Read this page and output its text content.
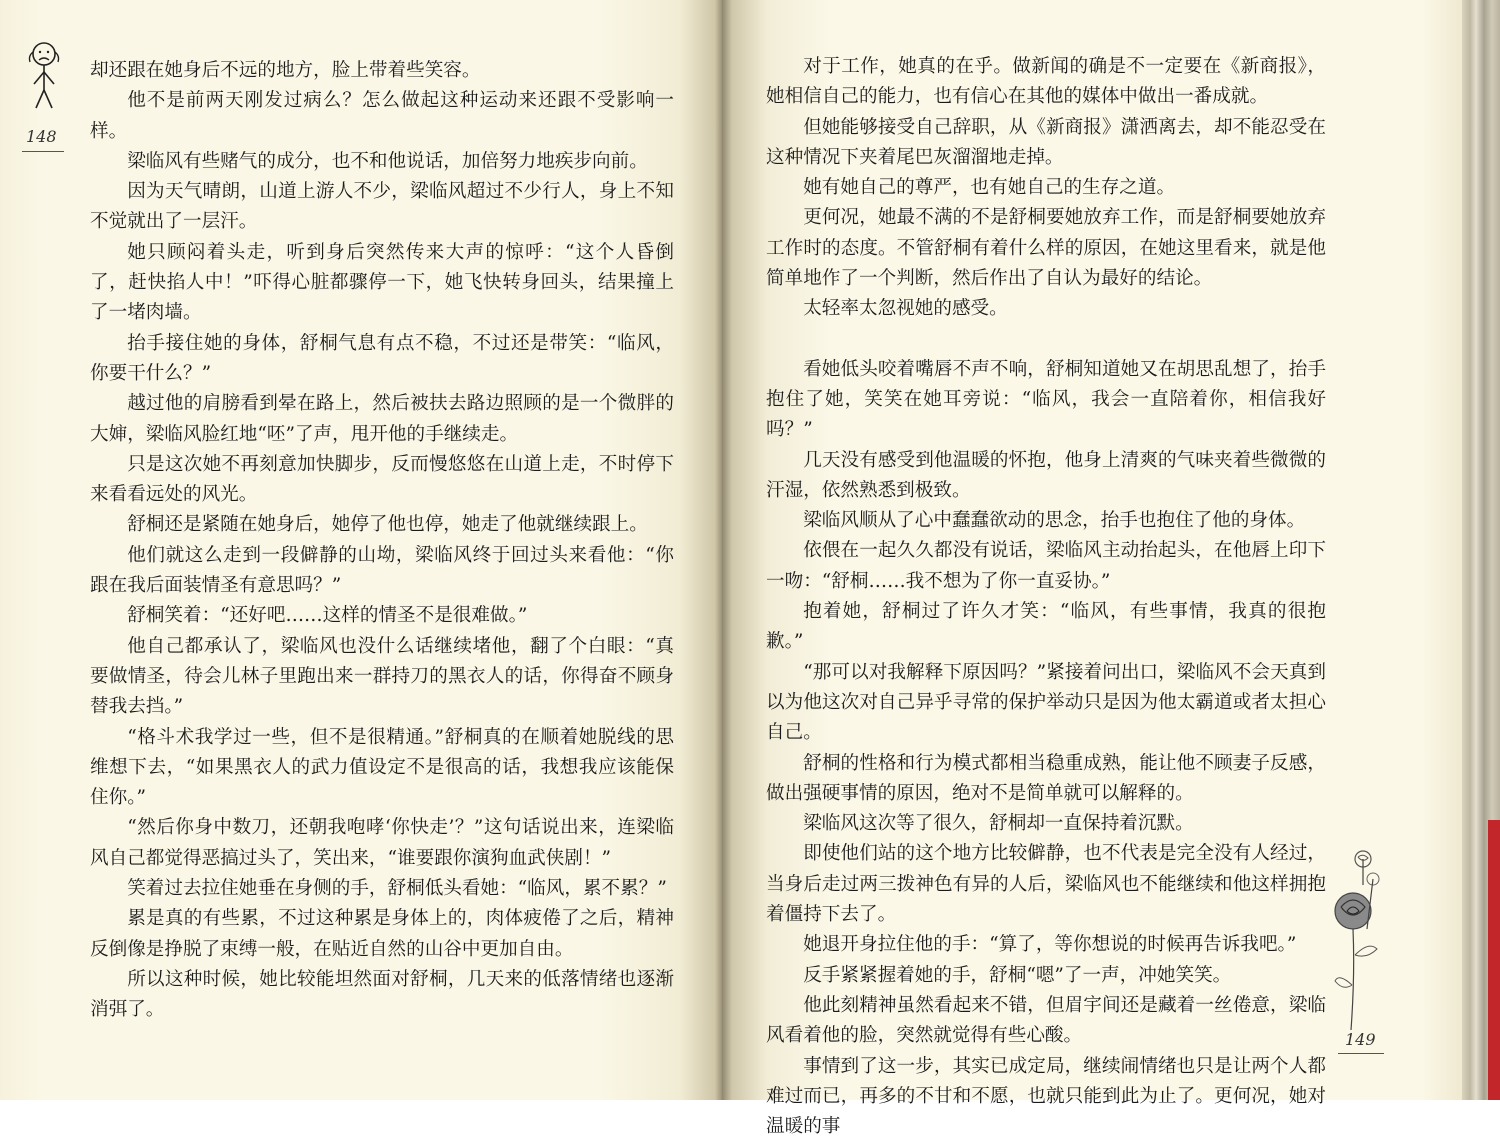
148

却还跟在她身后不远的地方，脸上带着些笑容。

他不是前两天刚发过病么？怎么做起这种运动来还跟不受影响一样。

梁临风有些赌气的成分，也不和他说话，加倍努力地疾步向前。

因为天气晴朗，山道上游人不少，梁临风超过不少行人，身上不知不觉就出了一层汗。

她只顾闷着头走，听到身后突然传来大声的惊呼：“这个人昏倒了，赶快掐人中！”吓得心脏都骤停一下，她飞快转身回头，结果撞上了一堵肉墙。

抬手接住她的身体，舒桐气息有点不稳，不过还是带笑：“临风，你要干什么？”

越过他的肩膀看到晕在路上，然后被扶去路边照顾的是一个微胖的大婶，梁临风脸红地“呸”了声，甩开他的手继续走。

只是这次她不再刻意加快脚步，反而慢悠悠在山道上走，不时停下来看看远处的风光。

舒桐还是紧随在她身后，她停了他也停，她走了他就继续跟上。

他们就这么走到一段僻静的山坳，梁临风终于回过头来看他：“你跟在我后面装情圣有意思吗？”

舒桐笑着：“还好吧……这样的情圣不是很难做。”

他自己都承认了，梁临风也没什么话继续堵他，翻了个白眼：“真要做情圣，待会儿林子里跑出来一群持刀的黑衣人的话，你得奋不顾身替我去挡。”

“格斗术我学过一些，但不是很精通。”舒桐真的在顺着她脱线的思维想下去，“如果黑衣人的武力值设定不是很高的话，我想我应该能保住你。”

“然后你身中数刀，还朝我咆哮‘你快走’？”这句话说出来，连梁临风自己都觉得恶搞过头了，笑出来，“谁要跟你演狗血武侠剧！”

笑着过去拉住她垂在身侧的手，舒桐低头看她：“临风，累不累？”

累是真的有些累，不过这种累是身体上的，肉体疲倦了之后，精神反倒像是挣脱了束缚一般，在贴近自然的山谷中更加自由。

所以这种时候，她比较能坦然面对舒桐，几天来的低落情绪也逐渐消弭了。

对于工作，她真的在乎。做新闻的确是不一定要在《新商报》，她相信自己的能力，也有信心在其他的媒体中做出一番成就。

但她能够接受自己辞职，从《新商报》潇洒离去，却不能忍受在这种情况下夹着尾巴灰溜溜地走掉。

她有她自己的尊严，也有她自己的生存之道。

更何况，她最不满的不是舒桐要她放弃工作，而是舒桐要她放弃工作时的态度。不管舒桐有着什么样的原因，在她这里看来，就是他简单地作了一个判断，然后作出了自认为最好的结论。

太轻率太忽视她的感受。

看她低头咬着嘴唇不声不响，舒桐知道她又在胡思乱想了，抬手抱住了她，笑笑在她耳旁说：“临风，我会一直陪着你，相信我好吗？”

几天没有感受到他温暖的怀抱，他身上清爽的气味夹着些微微的汗湿，依然熟悉到极致。

梁临风顺从了心中蠢蠢欲动的思念，抬手也抱住了他的身体。

依偎在一起久久都没有说话，梁临风主动抬起头，在他唇上印下一吻：“舒桐……我不想为了你一直妥协。”

抱着她，舒桐过了许久才笑：“临风，有些事情，我真的很抱歉。”

“那可以对我解释下原因吗？”紧接着问出口，梁临风不会天真到以为他这次对自己异乎寻常的保护举动只是因为他太霸道或者太担心自己。

舒桐的性格和行为模式都相当稳重成熟，能让他不顾妻子反感，做出强硬事情的原因，绝对不是简单就可以解释的。

梁临风这次等了很久，舒桐却一直保持着沉默。

即使他们站的这个地方比较僻静，也不代表是完全没有人经过，当身后走过两三拨神色有异的人后，梁临风也不能继续和他这样拥抱着僵持下去了。

她退开身拉住他的手：“算了，等你想说的时候再告诉我吧。”

反手紧紧握着她的手，舒桐“嗯”了一声，冲她笑笑。

他此刻精神虽然看起来不错，但眉宇间还是藏着一丝倦意，梁临风看着他的脸，突然就觉得有些心酸。

事情到了这一步，其实已成定局，继续闹情绪也只是让两个人都难过而已，再多的不甘和不愿，也就只能到此为止了。更何况，她对温暖的事

149
